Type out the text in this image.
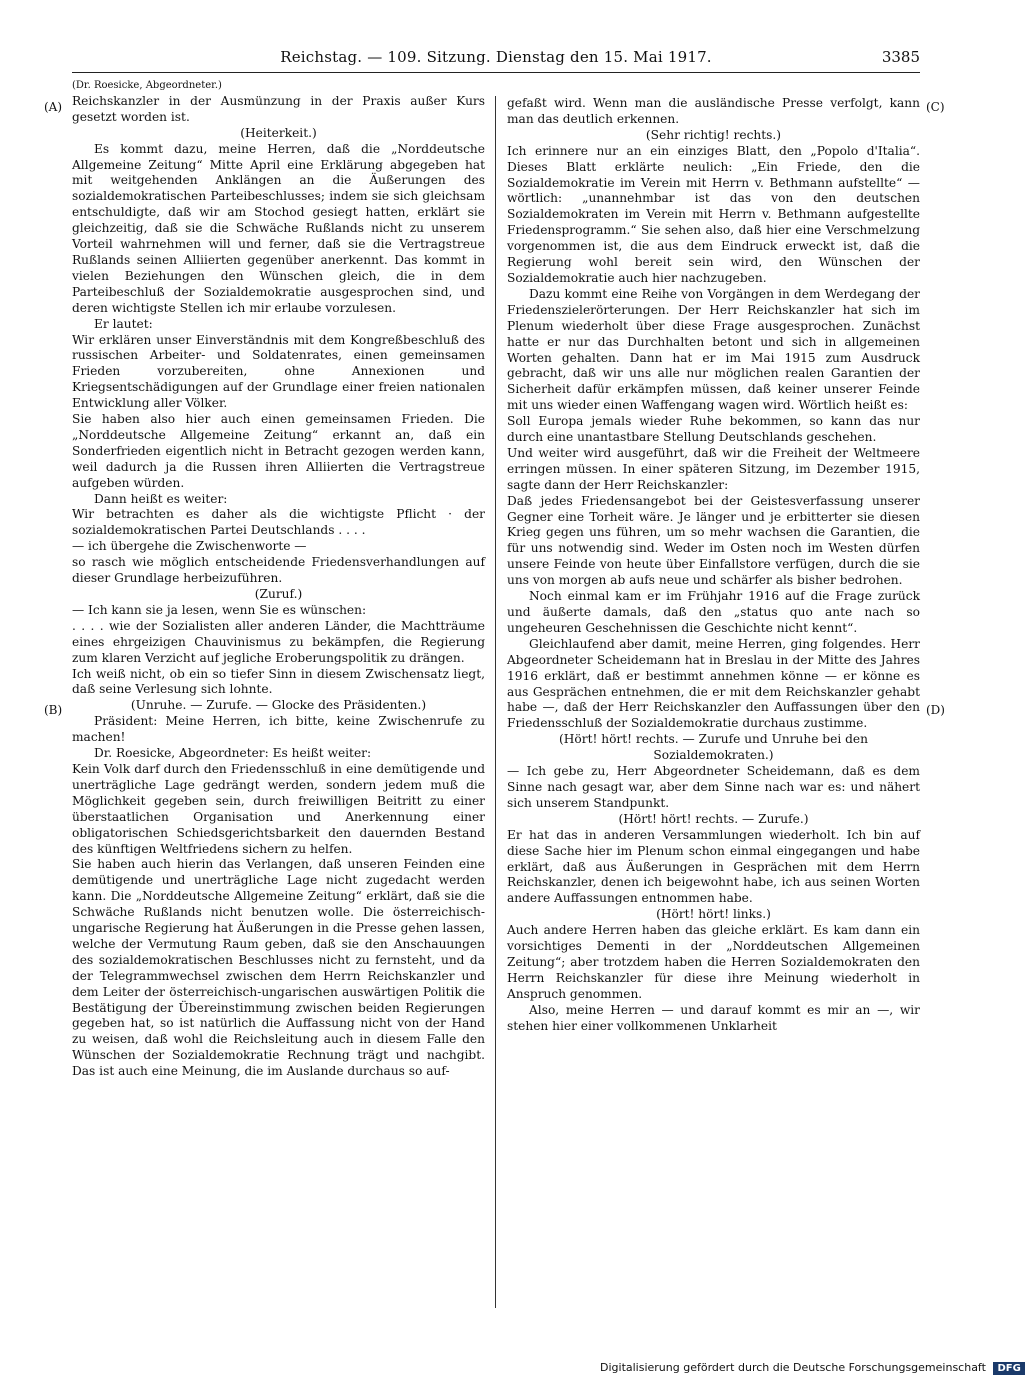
Reichstag. — 109. Sitzung. Dienstag den 15. Mai 1917.	3385
(A)
(B)
(C)
(D)

(Dr. Roesicke, Abgeordneter.)

Reichskanzler in der Ausmünzung in der Praxis außer Kurs gesetzt worden ist.

(Heiterkeit.)

Es kommt dazu, meine Herren, daß die „Norddeutsche Allgemeine Zeitung“ Mitte April eine Erklärung abgegeben hat mit weitgehenden Anklängen an die Äußerungen des sozialdemokratischen Parteibeschlusses; indem sie sich gleichsam entschuldigte, daß wir am Stochod gesiegt hatten, erklärt sie gleichzeitig, daß sie die Schwäche Rußlands nicht zu unserem Vorteil wahrnehmen will und ferner, daß sie die Vertragstreue Rußlands seinen Alliierten gegenüber anerkennt. Das kommt in vielen Beziehungen den Wünschen gleich, die in dem Parteibeschluß der Sozialdemokratie ausgesprochen sind, und deren wichtigste Stellen ich mir erlaube vorzulesen.

Er lautet:

Wir erklären unser Einverständnis mit dem Kongreßbeschluß des russischen Arbeiter- und Soldatenrates, einen gemeinsamen Frieden vorzubereiten, ohne Annexionen und Kriegsentschädigungen auf der Grundlage einer freien nationalen Entwicklung aller Völker.

Sie haben also hier auch einen gemeinsamen Frieden. Die „Norddeutsche Allgemeine Zeitung“ erkannt an, daß ein Sonderfrieden eigentlich nicht in Betracht gezogen werden kann, weil dadurch ja die Russen ihren Alliierten die Vertragstreue aufgeben würden.

Dann heißt es weiter:

Wir betrachten es daher als die wichtigste Pflicht · der sozialdemokratischen Partei Deutschlands . . . .

— ich übergehe die Zwischenworte —

so rasch wie möglich entscheidende Friedensverhandlungen auf dieser Grundlage herbeizuführen.

(Zuruf.)

— Ich kann sie ja lesen, wenn Sie es wünschen:

. . . . wie der Sozialisten aller anderen Länder, die Machtträume eines ehrgeizigen Chauvinismus zu bekämpfen, die Regierung zum klaren Verzicht auf jegliche Eroberungspolitik zu drängen.

Ich weiß nicht, ob ein so tiefer Sinn in diesem Zwischensatz liegt, daß seine Verlesung sich lohnte.

(Unruhe. — Zurufe. — Glocke des Präsidenten.)

Präsident: Meine Herren, ich bitte, keine Zwischenrufe zu machen!

Dr. Roesicke, Abgeordneter: Es heißt weiter:

Kein Volk darf durch den Friedensschluß in eine demütigende und unerträgliche Lage gedrängt werden, sondern jedem muß die Möglichkeit gegeben sein, durch freiwilligen Beitritt zu einer überstaatlichen Organisation und Anerkennung einer obligatorischen Schiedsgerichtsbarkeit den dauernden Bestand des künftigen Weltfriedens sichern zu helfen.

Sie haben auch hierin das Verlangen, daß unseren Feinden eine demütigende und unerträgliche Lage nicht zugedacht werden kann. Die „Norddeutsche Allgemeine Zeitung“ erklärt, daß sie die Schwäche Rußlands nicht benutzen wolle. Die österreichisch-ungarische Regierung hat Äußerungen in die Presse gehen lassen, welche der Vermutung Raum geben, daß sie den Anschauungen des sozialdemokratischen Beschlusses nicht zu fernsteht, und da der Telegrammwechsel zwischen dem Herrn Reichskanzler und dem Leiter der österreichisch-ungarischen auswärtigen Politik die Bestätigung der Übereinstimmung zwischen beiden Regierungen gegeben hat, so ist natürlich die Auffassung nicht von der Hand zu weisen, daß wohl die Reichsleitung auch in diesem Falle den Wünschen der Sozialdemokratie Rechnung trägt und nachgibt. Das ist auch eine Meinung, die im Auslande durchaus so auf-

gefaßt wird. Wenn man die ausländische Presse verfolgt, kann man das deutlich erkennen.

(Sehr richtig! rechts.)

Ich erinnere nur an ein einziges Blatt, den „Popolo d'Italia“. Dieses Blatt erklärte neulich: „Ein Friede, den die Sozialdemokratie im Verein mit Herrn v. Bethmann aufstellte“ — wörtlich: „unannehmbar ist das von den deutschen Sozialdemokraten im Verein mit Herrn v. Bethmann aufgestellte Friedensprogramm.“ Sie sehen also, daß hier eine Verschmelzung vorgenommen ist, die aus dem Eindruck erweckt ist, daß die Regierung wohl bereit sein wird, den Wünschen der Sozialdemokratie auch hier nachzugeben.

Dazu kommt eine Reihe von Vorgängen in dem Werdegang der Friedenszielerörterungen. Der Herr Reichskanzler hat sich im Plenum wiederholt über diese Frage ausgesprochen. Zunächst hatte er nur das Durchhalten betont und sich in allgemeinen Worten gehalten. Dann hat er im Mai 1915 zum Ausdruck gebracht, daß wir uns alle nur möglichen realen Garantien der Sicherheit dafür erkämpfen müssen, daß keiner unserer Feinde mit uns wieder einen Waffengang wagen wird. Wörtlich heißt es:

Soll Europa jemals wieder Ruhe bekommen, so kann das nur durch eine unantastbare Stellung Deutschlands geschehen.

Und weiter wird ausgeführt, daß wir die Freiheit der Weltmeere erringen müssen. In einer späteren Sitzung, im Dezember 1915, sagte dann der Herr Reichskanzler:

Daß jedes Friedensangebot bei der Geistesverfassung unserer Gegner eine Torheit wäre. Je länger und je erbitterter sie diesen Krieg gegen uns führen, um so mehr wachsen die Garantien, die für uns notwendig sind. Weder im Osten noch im Westen dürfen unsere Feinde von heute über Einfallstore verfügen, durch die sie uns von morgen ab aufs neue und schärfer als bisher bedrohen.

Noch einmal kam er im Frühjahr 1916 auf die Frage zurück und äußerte damals, daß den „status quo ante nach so ungeheuren Geschehnissen die Geschichte nicht kennt“.

Gleichlaufend aber damit, meine Herren, ging folgendes. Herr Abgeordneter Scheidemann hat in Breslau in der Mitte des Jahres 1916 erklärt, daß er bestimmt annehmen könne — er könne es aus Gesprächen entnehmen, die er mit dem Reichskanzler gehabt habe —, daß der Herr Reichskanzler den Auffassungen über den Friedensschluß der Sozialdemokratie durchaus zustimme.

(Hört! hört! rechts. — Zurufe und Unruhe bei den Sozialdemokraten.)

— Ich gebe zu, Herr Abgeordneter Scheidemann, daß es dem Sinne nach gesagt war, aber dem Sinne nach war es: und nähert sich unserem Standpunkt.

(Hört! hört! rechts. — Zurufe.)

Er hat das in anderen Versammlungen wiederholt. Ich bin auf diese Sache hier im Plenum schon einmal eingegangen und habe erklärt, daß aus Äußerungen in Gesprächen mit dem Herrn Reichskanzler, denen ich beigewohnt habe, ich aus seinen Worten andere Auffassungen entnommen habe.

(Hört! hört! links.)

Auch andere Herren haben das gleiche erklärt. Es kam dann ein vorsichtiges Dementi in der „Norddeutschen Allgemeinen Zeitung“; aber trotzdem haben die Herren Sozialdemokraten den Herrn Reichskanzler für diese ihre Meinung wiederholt in Anspruch genommen.

Also, meine Herren — und darauf kommt es mir an —, wir stehen hier einer vollkommenen Unklarheit

Digitalisierung gefördert durch die Deutsche Forschungsgemeinschaft DFG
